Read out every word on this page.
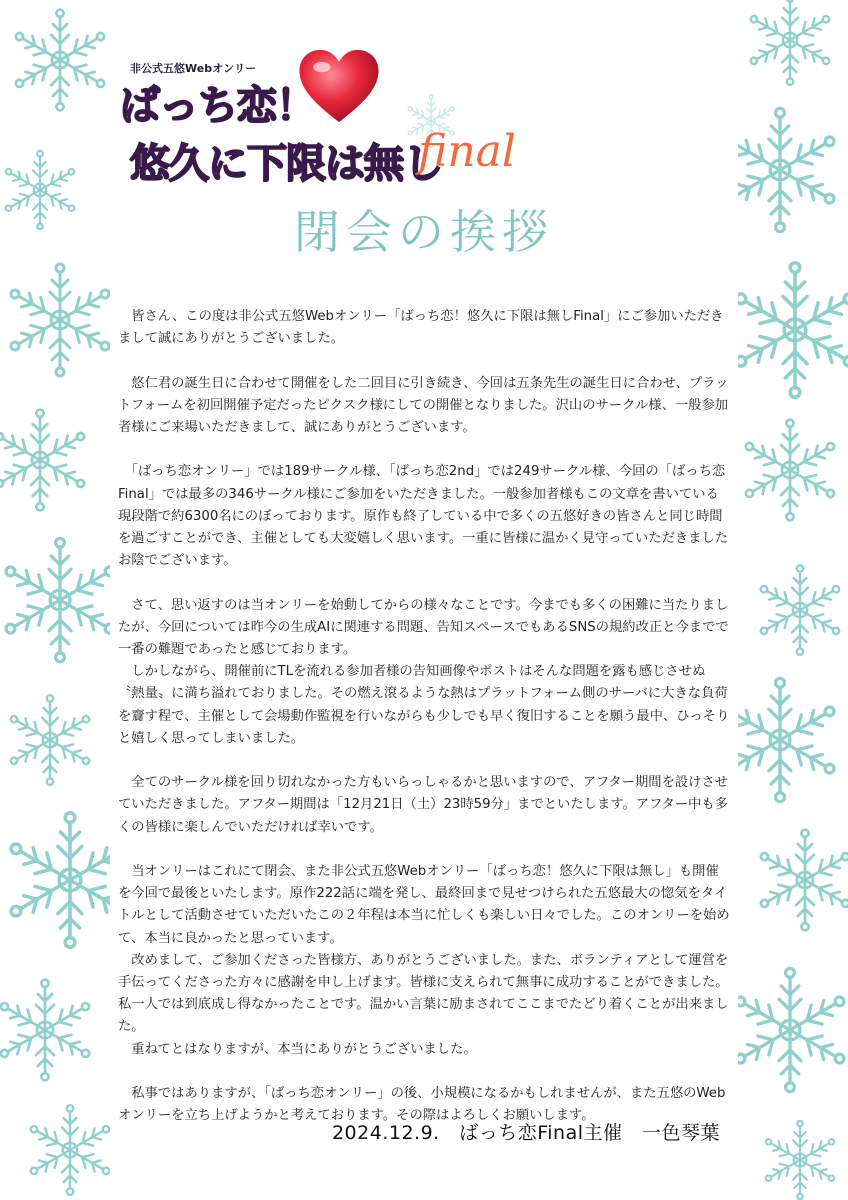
非公式五悠Webオンリー
ばっち恋！
悠久に下限は無し
final
閉会の挨拶

　皆さん、この度は非公式五悠Webオンリー「ばっち恋！悠久に下限は無しFinal」にご参加いただきまして誠にありがとうございました。

　悠仁君の誕生日に合わせて開催をした二回目に引き続き、今回は五条先生の誕生日に合わせ、プラットフォームを初回開催予定だったピクスク様にしての開催となりました。沢山のサークル様、一般参加者様にご来場いただきまして、誠にありがとうございます。

　「ばっち恋オンリー」では189サークル様、「ばっち恋2nd」では249サークル様、今回の「ばっち恋Final」では最多の346サークル様にご参加をいただきました。一般参加者様もこの文章を書いている現段階で約6300名にのぼっております。原作も終了している中で多くの五悠好きの皆さんと同じ時間を過ごすことができ、主催としても大変嬉しく思います。一重に皆様に温かく見守っていただきましたお陰でございます。

　さて、思い返すのは当オンリーを始動してからの様々なことです。今までも多くの困難に当たりましたが、今回については昨今の生成AIに関連する問題、告知スペースでもあるSNSの規約改正と今までで一番の難題であったと感じております。

　しかしながら、開催前にTLを流れる参加者様の告知画像やポストはそんな問題を露も感じさせぬ〝熱量〟に満ち溢れておりました。その燃え滾るような熱はプラットフォーム側のサーバに大きな負荷を齎す程で、主催として会場動作監視を行いながらも少しでも早く復旧することを願う最中、ひっそりと嬉しく思ってしまいました。

　全てのサークル様を回り切れなかった方もいらっしゃるかと思いますので、アフター期間を設けさせていただきました。アフター期間は「12月21日（土）23時59分」までといたします。アフター中も多くの皆様に楽しんでいただければ幸いです。

　当オンリーはこれにて閉会、また非公式五悠Webオンリー「ばっち恋！悠久に下限は無し」も開催を今回で最後といたします。原作222話に端を発し、最終回まで見せつけられた五悠最大の惚気をタイトルとして活動させていただいたこの２年程は本当に忙しくも楽しい日々でした。このオンリーを始めて、本当に良かったと思っています。

　改めまして、ご参加くださった皆様方、ありがとうございました。また、ボランティアとして運営を手伝ってくださった方々に感謝を申し上げます。皆様に支えられて無事に成功することができました。私一人では到底成し得なかったことです。温かい言葉に励まされてここまでたどり着くことが出来ました。

　重ねてとはなりますが、本当にありがとうございました。

　私事ではありますが、「ばっち恋オンリー」の後、小規模になるかもしれませんが、また五悠のWebオンリーを立ち上げようかと考えております。その際はよろしくお願いします。

2024.12.9.　ばっち恋Final主催　一色琴葉
